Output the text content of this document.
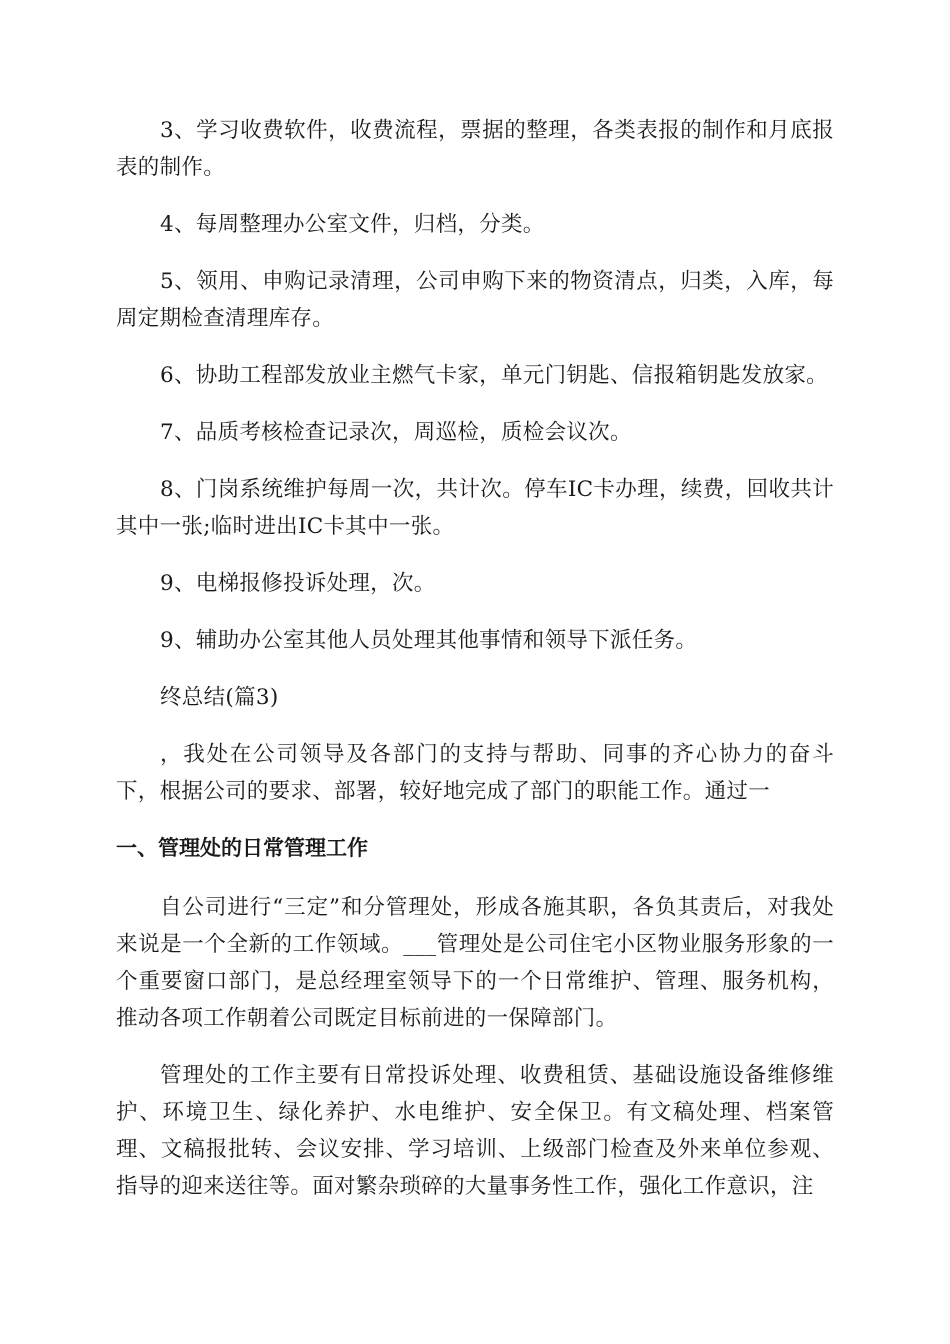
3、学习收费软件，收费流程，票据的整理，各类表报的制作和月底报表的制作。

4、每周整理办公室文件，归档，分类。

5、领用、申购记录清理，公司申购下来的物资清点，归类，入库，每周定期检查清理库存。

6、协助工程部发放业主燃气卡家，单元门钥匙、信报箱钥匙发放家。

7、品质考核检查记录次，周巡检，质检会议次。

8、门岗系统维护每周一次，共计次。停车IC卡办理，续费，回收共计其中一张;临时进出IC卡其中一张。

9、电梯报修投诉处理，次。

9、辅助办公室其他人员处理其他事情和领导下派任务。

终总结(篇3)

，我处在公司领导及各部门的支持与帮助、同事的齐心协力的奋斗下，根据公司的要求、部署，较好地完成了部门的职能工作。通过一

一、管理处的日常管理工作

自公司进行“三定”和分管理处，形成各施其职，各负其责后，对我处来说是一个全新的工作领域。___管理处是公司住宅小区物业服务形象的一个重要窗口部门，是总经理室领导下的一个日常维护、管理、服务机构，推动各项工作朝着公司既定目标前进的一保障部门。

管理处的工作主要有日常投诉处理、收费租赁、基础设施设备维修维护、环境卫生、绿化养护、水电维护、安全保卫。有文稿处理、档案管理、文稿报批转、会议安排、学习培训、上级部门检查及外来单位参观、指导的迎来送往等。面对繁杂琐碎的大量事务性工作，强化工作意识，注
